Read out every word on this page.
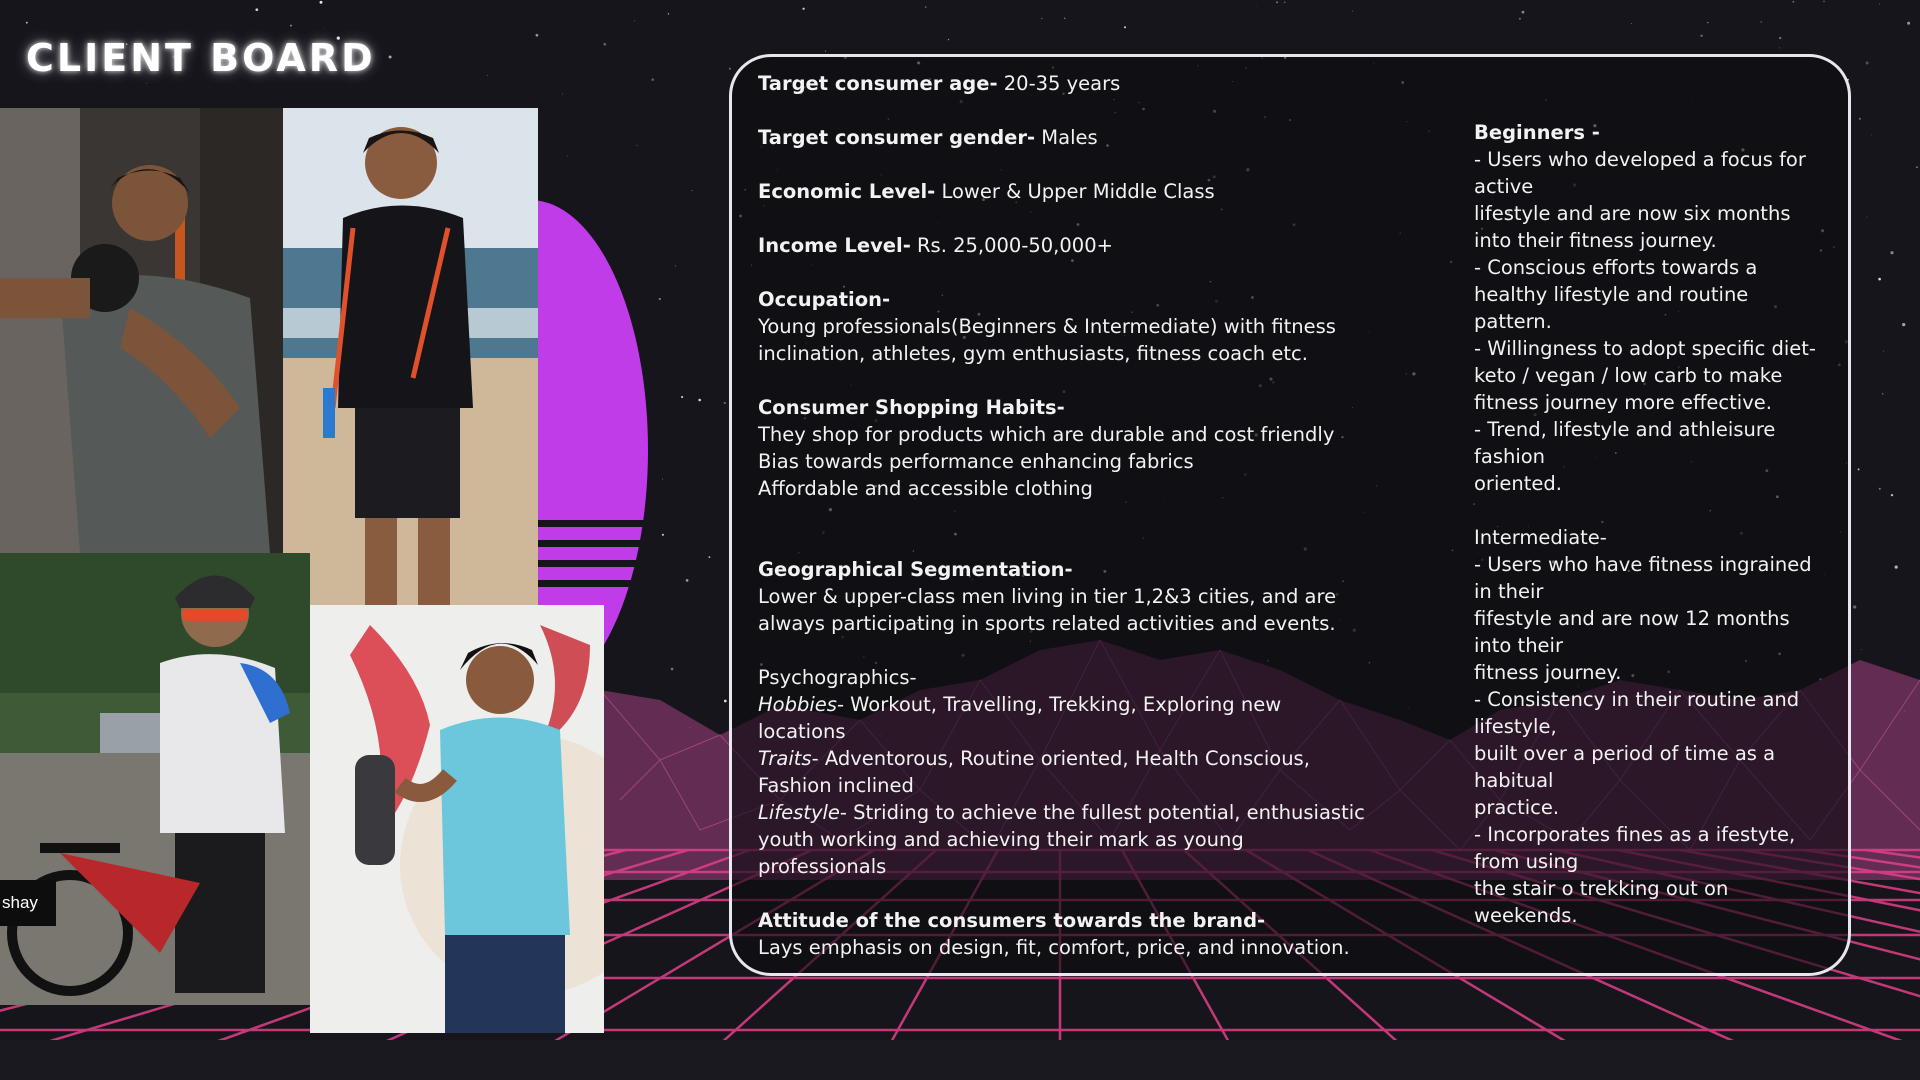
CLIENT BOARD
shay

Target consumer age- 20-35 years

Target consumer gender- Males

Economic Level- Lower & Upper Middle Class

Income Level- Rs. 25,000-50,000+

Occupation-

Young professionals(Beginners & Intermediate) with fitness

inclination, athletes, gym enthusiasts, fitness coach etc.

Consumer Shopping Habits-

They shop for products which are durable and cost friendly

Bias towards performance enhancing fabrics

Affordable and accessible clothing

Geographical Segmentation-

Lower & upper-class men living in tier 1,2&3 cities, and are

always participating in sports related activities and events.

Psychographics-

Hobbies- Workout, Travelling, Trekking, Exploring new

locations

Traits- Adventorous, Routine oriented, Health Conscious,

Fashion inclined

Lifestyle- Striding to achieve the fullest potential, enthusiastic

youth working and achieving their mark as young

professionals

Attitude of the consumers towards the brand-

Lays emphasis on design, fit, comfort, price, and innovation.

Beginners -

- Users who developed a focus for

active

lifestyle and are now six months

into their fitness journey.

- Conscious efforts towards a

healthy lifestyle and routine

pattern.

- Willingness to adopt specific diet-

keto / vegan / low carb to make

fitness journey more effective.

- Trend, lifestyle and athleisure

fashion

oriented.

Intermediate-

- Users who have fitness ingrained

in their

fifestyle and are now 12 months

into their

fitness journey.

- Consistency in their routine and

lifestyle,

built over a period of time as a

habitual

practice.

- Incorporates fines as a ifestyte,

from using

the stair o trekking out on

weekends.
